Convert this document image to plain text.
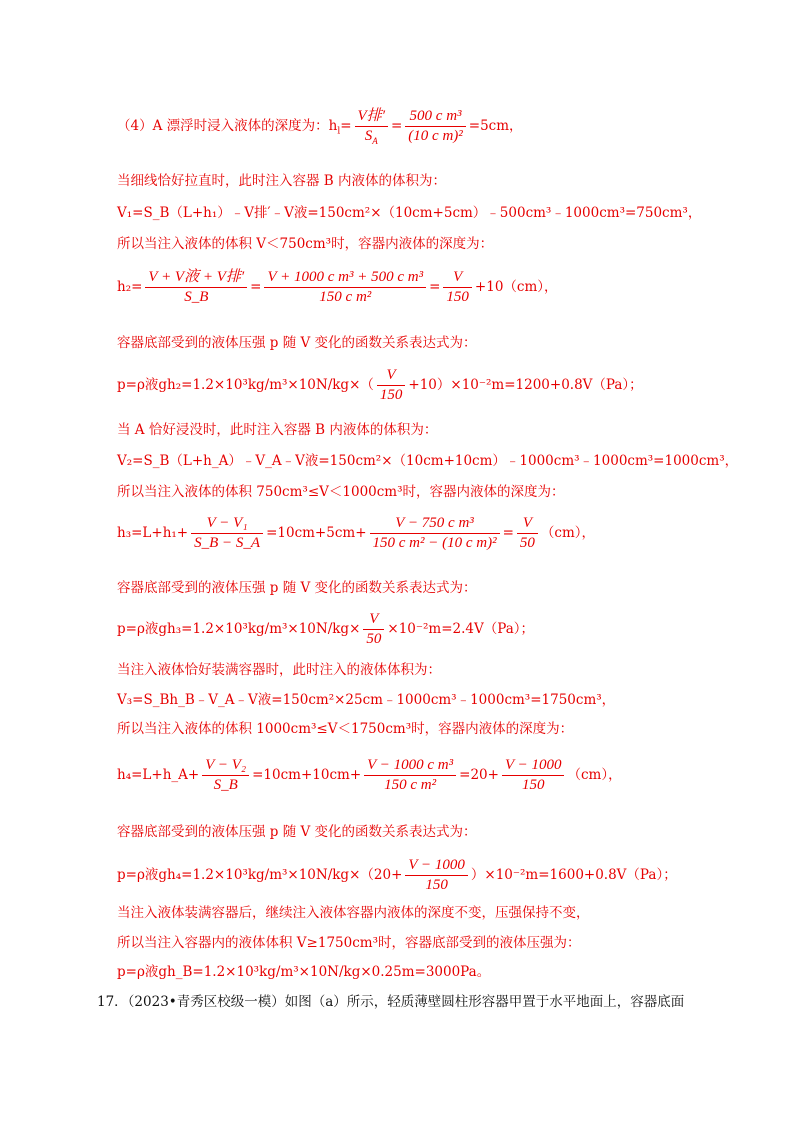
（4）A 漂浮时浸入液体的深度为：$h_l= \frac{\text{V排′}}{S_A} = \frac{\text{500 c m³}}{\text{(10 c m)²}} =5cm$，
当细线恰好拉直时，此时注入容器 B 内液体的体积为：
V₁=S_B（L+h₁）﹣V排′﹣V液=150cm²×（10cm+5cm）﹣500cm³﹣1000cm³=750cm³，
所以当注入液体的体积 V＜750cm³时，容器内液体的深度为：
$h_2= \frac{\text{V + V液 + V排′}}{S\_B} = \frac{\text{V + 1000 c m³ + 500 c m³}}{\text{150 c m²}} = \frac{V}{150} +10(cm)$，
容器底部受到的液体压强 p 随 V 变化的函数关系表达式为：
p=ρ液$gh_2=1.2\times 10^3kg/m^3\times 10N/kg\times( \frac{V}{150} +10)\times 10^{-2}m=1200+0.8V(Pa)$；
当 A 恰好浸没时，此时注入容器 B 内液体的体积为：
V₂=S_B（L+h_A）﹣V_A﹣V液=150cm²×（10cm+10cm）﹣1000cm³﹣1000cm³=1000cm³，
所以当注入液体的体积 750cm³≤V＜1000cm³时，容器内液体的深度为：
$h_3=L+h_1+ \frac{\text{V − V₁}}{S\_B - S\_A} =10cm+5cm+ \frac{\text{V − 750 c m³}}{\text{150 c m² − (10 c m)²}} = \frac{V}{50} (cm)$，
容器底部受到的液体压强 p 随 V 变化的函数关系表达式为：
p=ρ液$gh_3=1.2\times 10^3kg/m^3\times 10N/kg\times \frac{V}{50} \times 10^{-2}m=2.4V(Pa)$；
当注入液体恰好装满容器时，此时注入的液体体积为：
V₃=S_Bh_B﹣V_A﹣V液=150cm²×25cm﹣1000cm³﹣1000cm³=1750cm³，
所以当注入液体的体积 1000cm³≤V＜1750cm³时，容器内液体的深度为：
h₄=L+h_A+ $\frac{\text{V − V₂}}{S\_B} =10cm+10cm+ \frac{\text{V − 1000 c m³}}{\text{150 c m²}} =20+ \frac{V - 1000}{150} (cm)$，
容器底部受到的液体压强 p 随 V 变化的函数关系表达式为：
p=ρ液$gh_4=1.2\times 10^3kg/m^3\times 10N/kg\times(20+ \frac{V - 1000}{150} )\times 10^{-2}m=1600+0.8V(Pa)$；
当注入液体装满容器后，继续注入液体容器内液体的深度不变，压强保持不变，
所以当注入容器内的液体体积 V≥1750cm³时，容器底部受到的液体压强为：
p=ρ液gh_B=1.2×10³kg/m³×10N/kg×0.25m=3000Pa。
17．（2023•青秀区校级一模）如图（a）所示，轻质薄壁圆柱形容器甲置于水平地面上，容器底面
